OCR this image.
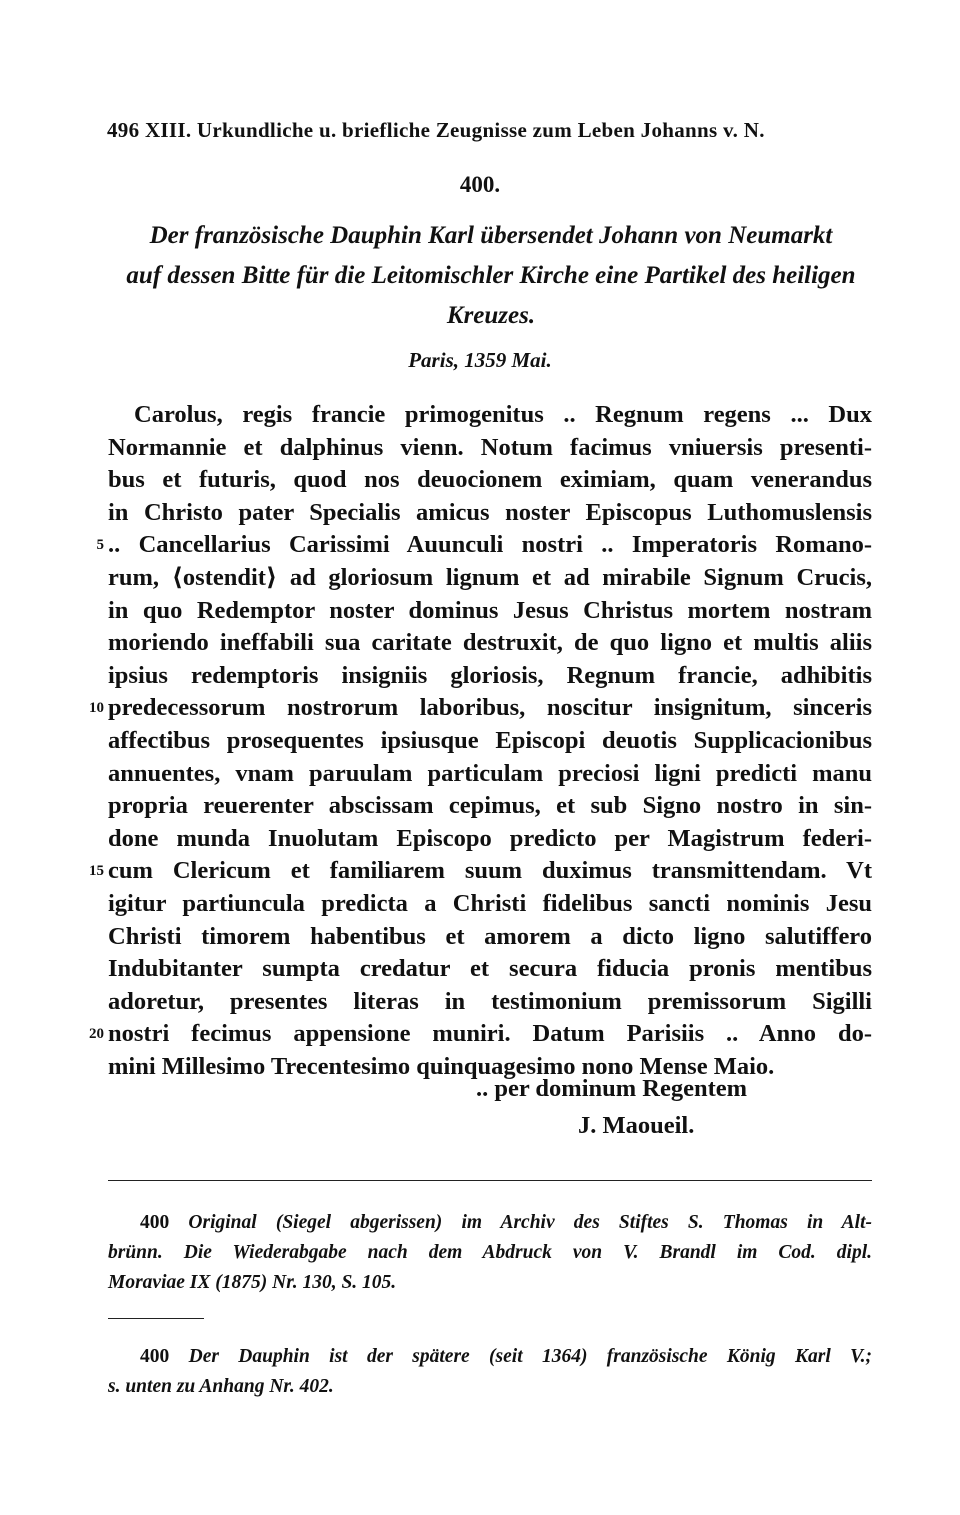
496 XIII. Urkundliche u. briefliche Zeugnisse zum Leben Johanns v. N.
400.
Der französische Dauphin Karl übersendet Johann von Neumarkt
auf dessen Bitte für die Leitomischler Kirche eine Partikel des heiligen
Kreuzes.
Paris, 1359 Mai.
5
10
15
20
Carolus, regis francie primogenitus .. Regnum regens ... Dux
Normannie et dalphinus vienn. Notum facimus vniuersis presenti-
bus et futuris, quod nos deuocionem eximiam, quam venerandus
in Christo pater Specialis amicus noster Episcopus Luthomuslensis
.. Cancellarius Carissimi Auunculi nostri .. Imperatoris Romano-
rum, ⟨ostendit⟩ ad gloriosum lignum et ad mirabile Signum Crucis,
in quo Redemptor noster dominus Jesus Christus mortem nostram
moriendo ineffabili sua caritate destruxit, de quo ligno et multis aliis
ipsius redemptoris insigniis gloriosis, Regnum francie, adhibitis
predecessorum nostrorum laboribus, noscitur insignitum, sinceris
affectibus prosequentes ipsiusque Episcopi deuotis Supplicacionibus
annuentes, vnam paruulam particulam preciosi ligni predicti manu
propria reuerenter abscissam cepimus, et sub Signo nostro in sin-
done munda Inuolutam Episcopo predicto per Magistrum federi-
cum Clericum et familiarem suum duximus transmittendam. Vt
igitur partiuncula predicta a Christi fidelibus sancti nominis Jesu
Christi timorem habentibus et amorem a dicto ligno salutiffero
Indubitanter sumpta credatur et secura fiducia pronis mentibus
adoretur, presentes literas in testimonium premissorum Sigilli
nostri fecimus appensione muniri. Datum Parisiis .. Anno do-
mini Millesimo Trecentesimo quinquagesimo nono Mense Maio.
.. per dominum Regentem
J. Maoueil.
400 Original (Siegel abgerissen) im Archiv des Stiftes S. Thomas in Alt-
brünn. Die Wiederabgabe nach dem Abdruck von V. Brandl im Cod. dipl.
Moraviae IX (1875) Nr. 130, S. 105.
400 Der Dauphin ist der spätere (seit 1364) französische König Karl V.;
s. unten zu Anhang Nr. 402.
